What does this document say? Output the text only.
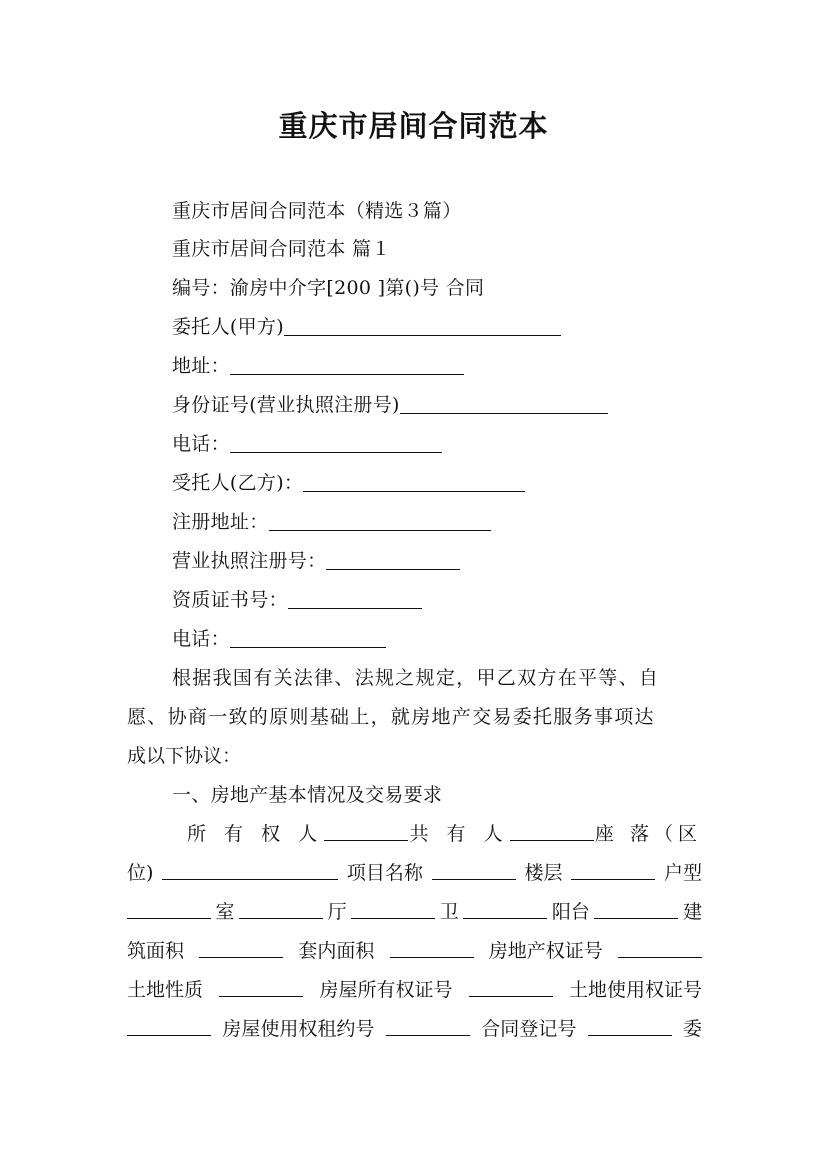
重庆市居间合同范本
重庆市居间合同范本（精选３篇）
重庆市居间合同范本 篇１
编号：渝房中介字[200 ]第()号 合同
委托人(甲方)
地址：
身份证号(营业执照注册号)
电话：
受托人(乙方)：
注册地址：
营业执照注册号：
资质证书号：
电话：
根据我国有关法律、法规之规定，甲乙双方在平等、自
愿、协商一致的原则基础上，就房地产交易委托服务事项达
成以下协议：
一、房地产基本情况及交易要求
所 有 权 人	共 有 人	座 落（区
位)	项目名称	楼层	户型
室	厅	卫	阳台	建
筑面积	套内面积	房地产权证号
土地性质	房屋所有权证号	土地使用权证号
房屋使用权租约号	合同登记号	委
